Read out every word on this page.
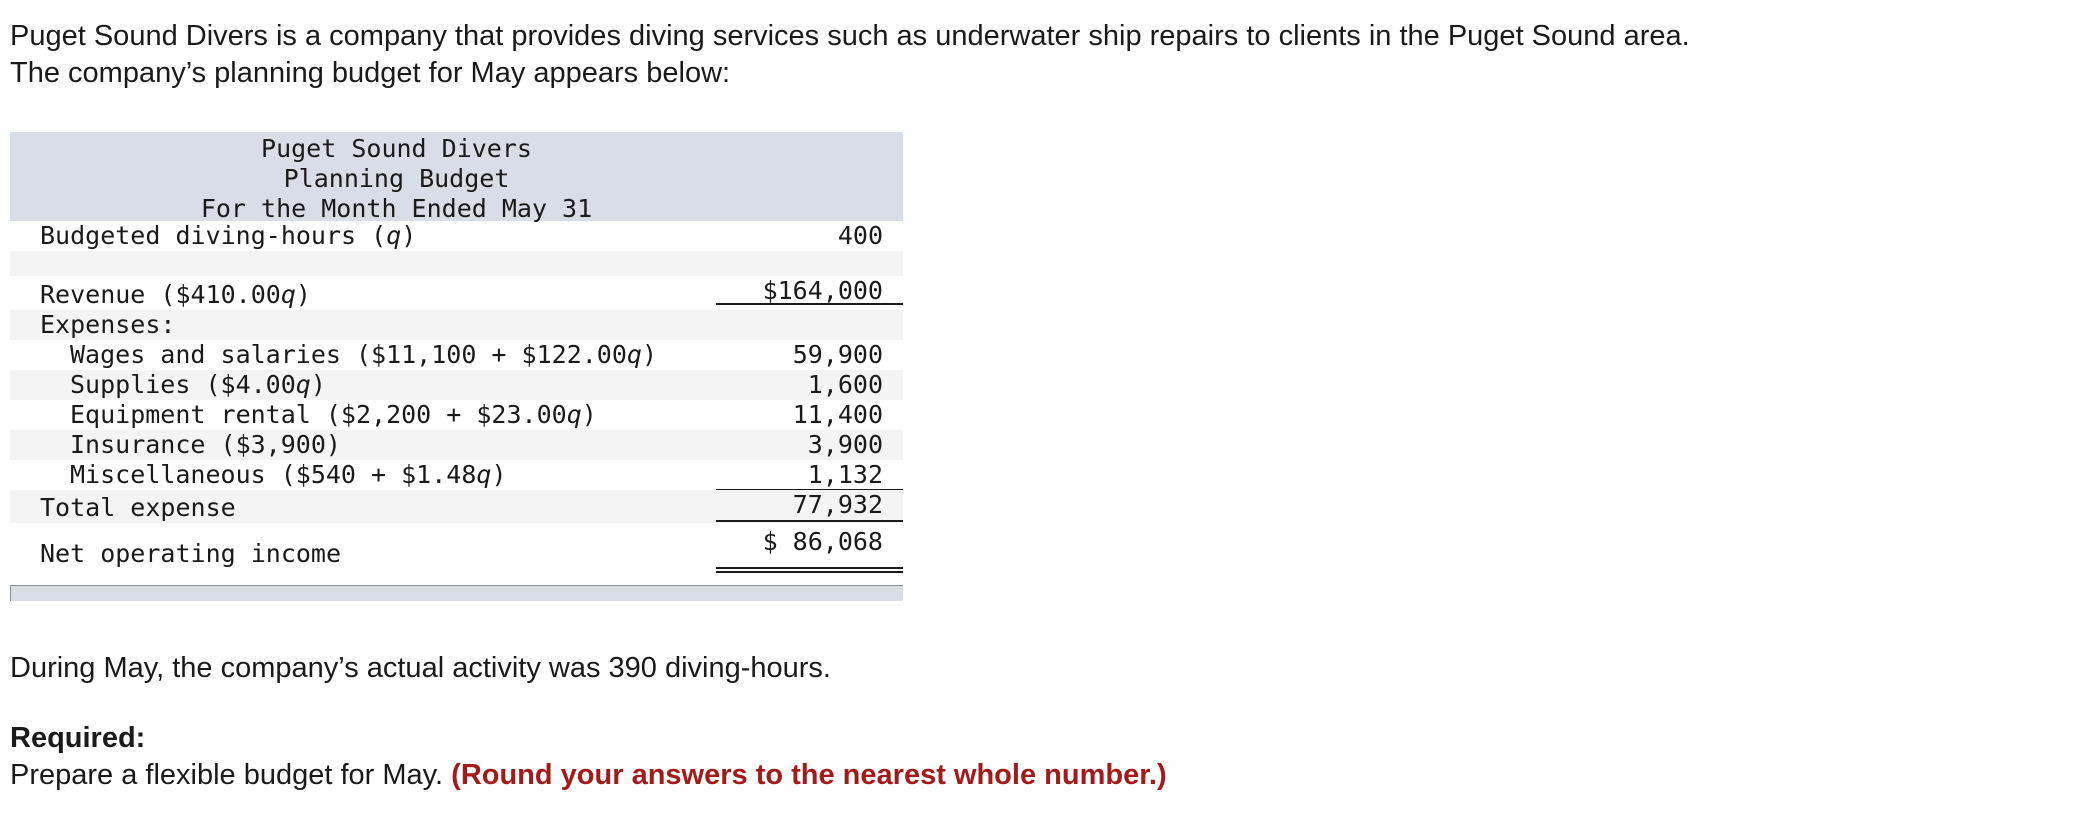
Puget Sound Divers is a company that provides diving services such as underwater ship repairs to clients in the Puget Sound area.

The company’s planning budget for May appears below:

Puget Sound Divers
Planning Budget
For the Month Ended May 31
Budgeted diving-hours (q)	400
Revenue ($410.00q)	$164,000
Expenses:
Wages and salaries ($11,100 + $122.00q)	59,900
Supplies ($4.00q)	1,600
Equipment rental ($2,200 + $23.00q)	11,400
Insurance ($3,900)	3,900
Miscellaneous ($540 + $1.48q)	1,132
Total expense	77,932
Net operating income	$ 86,068
During May, the company’s actual activity was 390 diving-hours.
Required:
Prepare a flexible budget for May. (Round your answers to the nearest whole number.)
